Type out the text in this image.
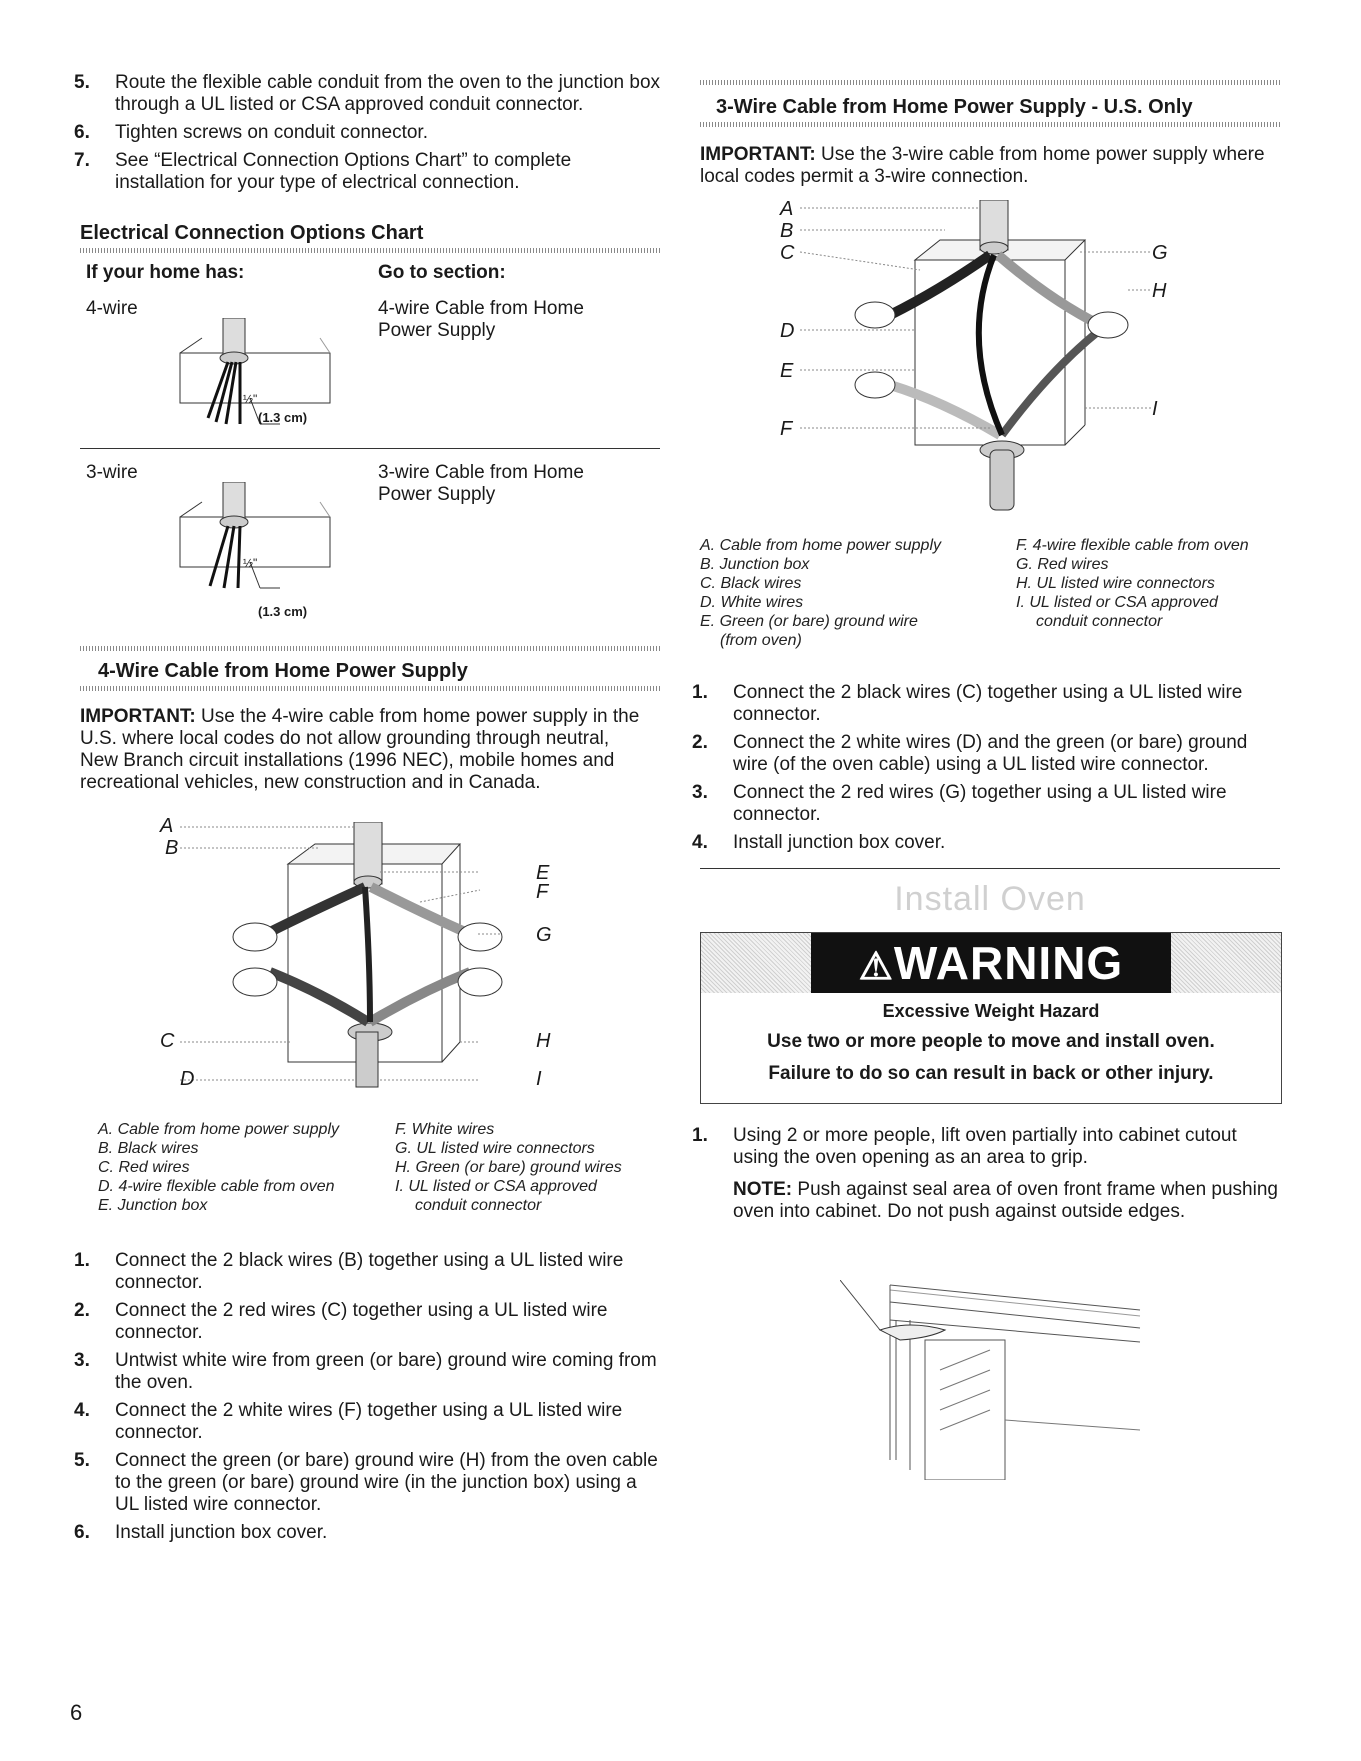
5. Route the flexible cable conduit from the oven to the junction box through a UL listed or CSA approved conduit connector.
6. Tighten screws on conduit connector.
7. See “Electrical Connection Options Chart” to complete installation for your type of electrical connection.
Electrical Connection Options Chart
If your home has:	Go to section:
4-wire	4-wire Cable from Home Power Supply
½"
(1.3 cm)
3-wire	3-wire Cable from Home Power Supply
½"
(1.3 cm)
4-Wire Cable from Home Power Supply
IMPORTANT: Use the 4-wire cable from home power supply in the U.S. where local codes do not allow grounding through neutral, New Branch circuit installations (1996 NEC), mobile homes and recreational vehicles, new construction and in Canada.
A
B
E
F
G
C	H
D	I
A. Cable from home power supply
B. Black wires
C. Red wires
D. 4-wire flexible cable from oven
E. Junction box
F. White wires
G. UL listed wire connectors
H. Green (or bare) ground wires
I. UL listed or CSA approved
conduit connector
1. Connect the 2 black wires (B) together using a UL listed wire connector.
2. Connect the 2 red wires (C) together using a UL listed wire connector.
3. Untwist white wire from green (or bare) ground wire coming from the oven.
4. Connect the 2 white wires (F) together using a UL listed wire connector.
5. Connect the green (or bare) ground wire (H) from the oven cable to the green (or bare) ground wire (in the junction box) using a UL listed wire connector.
6. Install junction box cover.
3-Wire Cable from Home Power Supply - U.S. Only
IMPORTANT: Use the 3-wire cable from home power supply where local codes permit a 3-wire connection.
A
B
C	G
H
D
E
I
F
A. Cable from home power supply
B. Junction box
C. Black wires
D. White wires
E. Green (or bare) ground wire
(from oven)
F. 4-wire flexible cable from oven
G. Red wires
H. UL listed wire connectors
I. UL listed or CSA approved
conduit connector
1. Connect the 2 black wires (C) together using a UL listed wire connector.
2. Connect the 2 white wires (D) and the green (or bare) ground wire (of the oven cable) using a UL listed wire connector.
3. Connect the 2 red wires (G) together using a UL listed wire connector.
4. Install junction box cover.
Install Oven
⚠WARNING
Excessive Weight Hazard
Use two or more people to move and install oven.
Failure to do so can result in back or other injury.
1. Using 2 or more people, lift oven partially into cabinet cutout using the oven opening as an area to grip.
NOTE: Push against seal area of oven front frame when pushing oven into cabinet. Do not push against outside edges.
6
